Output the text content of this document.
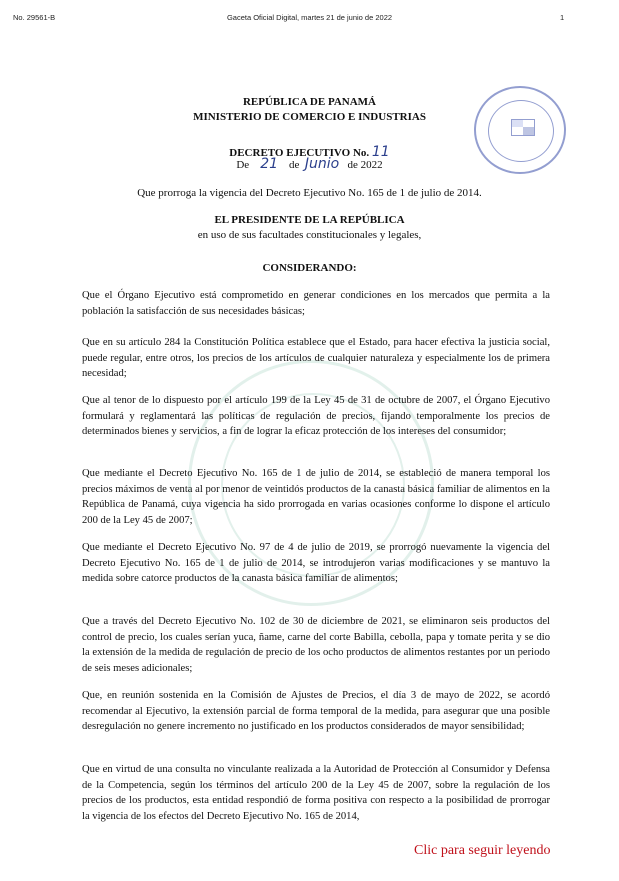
No. 29561-B	Gaceta Oficial Digital, martes 21 de junio de 2022	1
REPÚBLICA DE PANAMÁ
MINISTERIO DE COMERCIO E INDUSTRIAS
DECRETO EJECUTIVO No. 11
De 21 de Junio de 2022
Que prorroga la vigencia del Decreto Ejecutivo No. 165 de 1 de julio de 2014.
EL PRESIDENTE DE LA REPÚBLICA
en uso de sus facultades constitucionales y legales,
CONSIDERANDO:
Que el Órgano Ejecutivo está comprometido en generar condiciones en los mercados que permita a la población la satisfacción de sus necesidades básicas;
Que en su artículo 284 la Constitución Política establece que el Estado, para hacer efectiva la justicia social, puede regular, entre otros, los precios de los artículos de cualquier naturaleza y especialmente los de primera necesidad;
Que al tenor de lo dispuesto por el artículo 199 de la Ley 45 de 31 de octubre de 2007, el Órgano Ejecutivo formulará y reglamentará las políticas de regulación de precios, fijando temporalmente los precios de determinados bienes y servicios, a fin de lograr la eficaz protección de los intereses del consumidor;
Que mediante el Decreto Ejecutivo No. 165 de 1 de julio de 2014, se estableció de manera temporal los precios máximos de venta al por menor de veintidós productos de la canasta básica familiar de alimentos en la República de Panamá, cuya vigencia ha sido prorrogada en varias ocasiones conforme lo dispone el artículo 200 de la Ley 45 de 2007;
Que mediante el Decreto Ejecutivo No. 97 de 4 de julio de 2019, se prorrogó nuevamente la vigencia del Decreto Ejecutivo No. 165 de 1 de julio de 2014, se introdujeron varias modificaciones y se mantuvo la medida sobre catorce productos de la canasta básica familiar de alimentos;
Que a través del Decreto Ejecutivo No. 102 de 30 de diciembre de 2021, se eliminaron seis productos del control de precio, los cuales serían yuca, ñame, carne del corte Babilla, cebolla, papa y tomate perita y se dio la extensión de la medida de regulación de precio de los ocho productos de alimentos restantes por un periodo de seis meses adicionales;
Que, en reunión sostenida en la Comisión de Ajustes de Precios, el día 3 de mayo de 2022, se acordó recomendar al Ejecutivo, la extensión parcial de forma temporal de la medida, para asegurar que una posible desregulación no genere incremento no justificado en los productos considerados de mayor sensibilidad;
Que en virtud de una consulta no vinculante realizada a la Autoridad de Protección al Consumidor y Defensa de la Competencia, según los términos del artículo 200 de la Ley 45 de 2007, sobre la regulación de los precios de los productos, esta entidad respondió de forma positiva con respecto a la posibilidad de prorrogar la vigencia de los efectos del Decreto Ejecutivo No. 165 de 2014,
Clic para seguir leyendo
